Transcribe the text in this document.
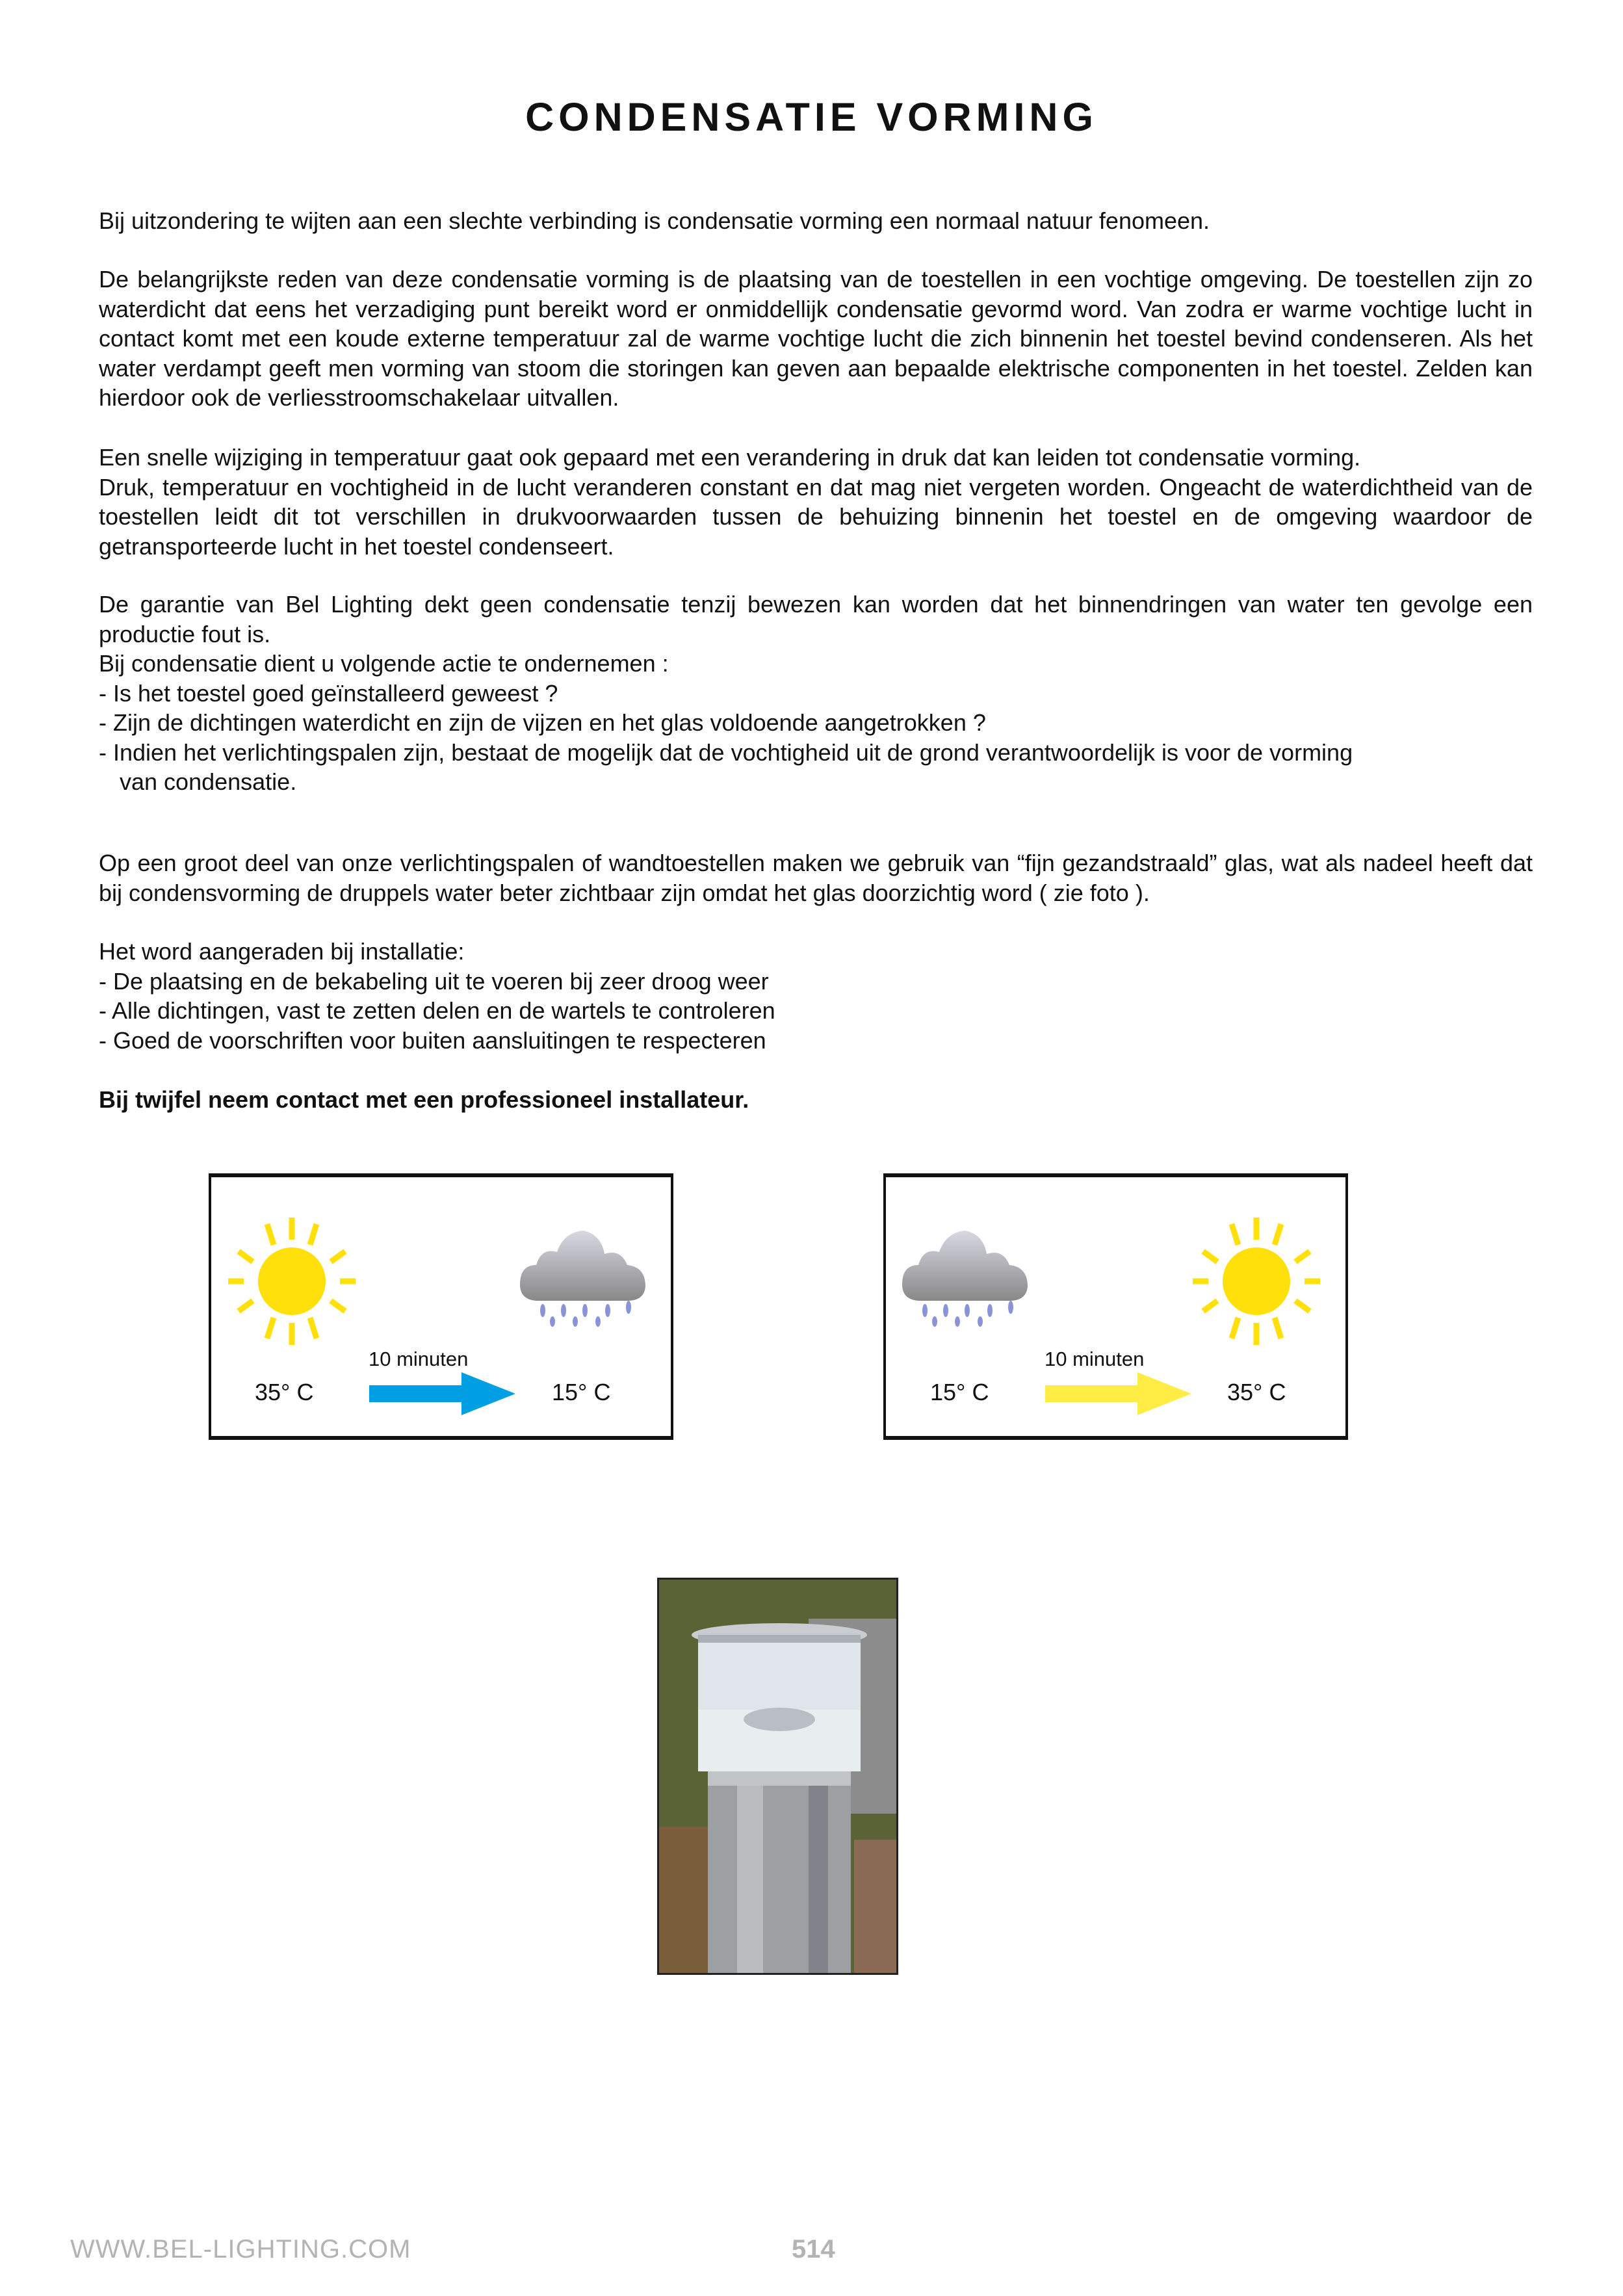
CONDENSATIE VORMING
Bij uitzondering te wijten aan een slechte verbinding is condensatie vorming een normaal natuur fenomeen.
De belangrijkste reden van deze condensatie vorming is de plaatsing van de toestellen in een vochtige omgeving. De toestellen zijn zo waterdicht dat eens het verzadiging punt bereikt word er onmiddellijk condensatie gevormd word. Van zodra er warme vochtige lucht in contact komt met een koude externe temperatuur zal de warme vochtige lucht die zich binnenin het toestel bevind condenseren. Als het water verdampt geeft men vorming van stoom die storingen kan geven aan bepaalde elektrische componenten in het toestel. Zelden kan hierdoor ook de verliesstroomschakelaar uitvallen.
Een snelle wijziging in temperatuur gaat ook gepaard met een verandering in druk dat kan leiden tot condensatie vorming.
Druk, temperatuur en vochtigheid in de lucht veranderen constant en dat mag niet vergeten worden. Ongeacht de waterdichtheid van de toestellen leidt dit tot verschillen in drukvoorwaarden tussen de behuizing binnenin het toestel en de omgeving waardoor de getransporteerde lucht in het toestel condenseert.
De garantie van Bel Lighting dekt geen condensatie tenzij bewezen kan worden dat het binnendringen van water ten gevolge een productie fout is.
Bij condensatie dient u volgende actie te ondernemen :
- Is het toestel goed geïnstalleerd geweest ?
- Zijn de dichtingen waterdicht en zijn de vijzen en het glas voldoende aangetrokken ?
- Indien het verlichtingspalen zijn, bestaat de mogelijk dat de vochtigheid uit de grond verantwoordelijk is voor de vorming
van condensatie.
Op een groot deel van onze verlichtingspalen of wandtoestellen maken we gebruik van “fijn gezandstraald” glas, wat als nadeel heeft dat bij condensvorming de druppels water beter zichtbaar zijn omdat het glas doorzichtig word ( zie foto ).
Het word aangeraden bij installatie:
- De plaatsing en de bekabeling uit te voeren bij zeer droog weer
- Alle dichtingen, vast te zetten delen en de wartels te controleren
- Goed de voorschriften voor buiten aansluitingen te respecteren
Bij twijfel neem contact met een professioneel installateur.
10 minuten
35° C	15° C
10 minuten
15° C	35° C
WWW.BEL-LIGHTING.COM	514
